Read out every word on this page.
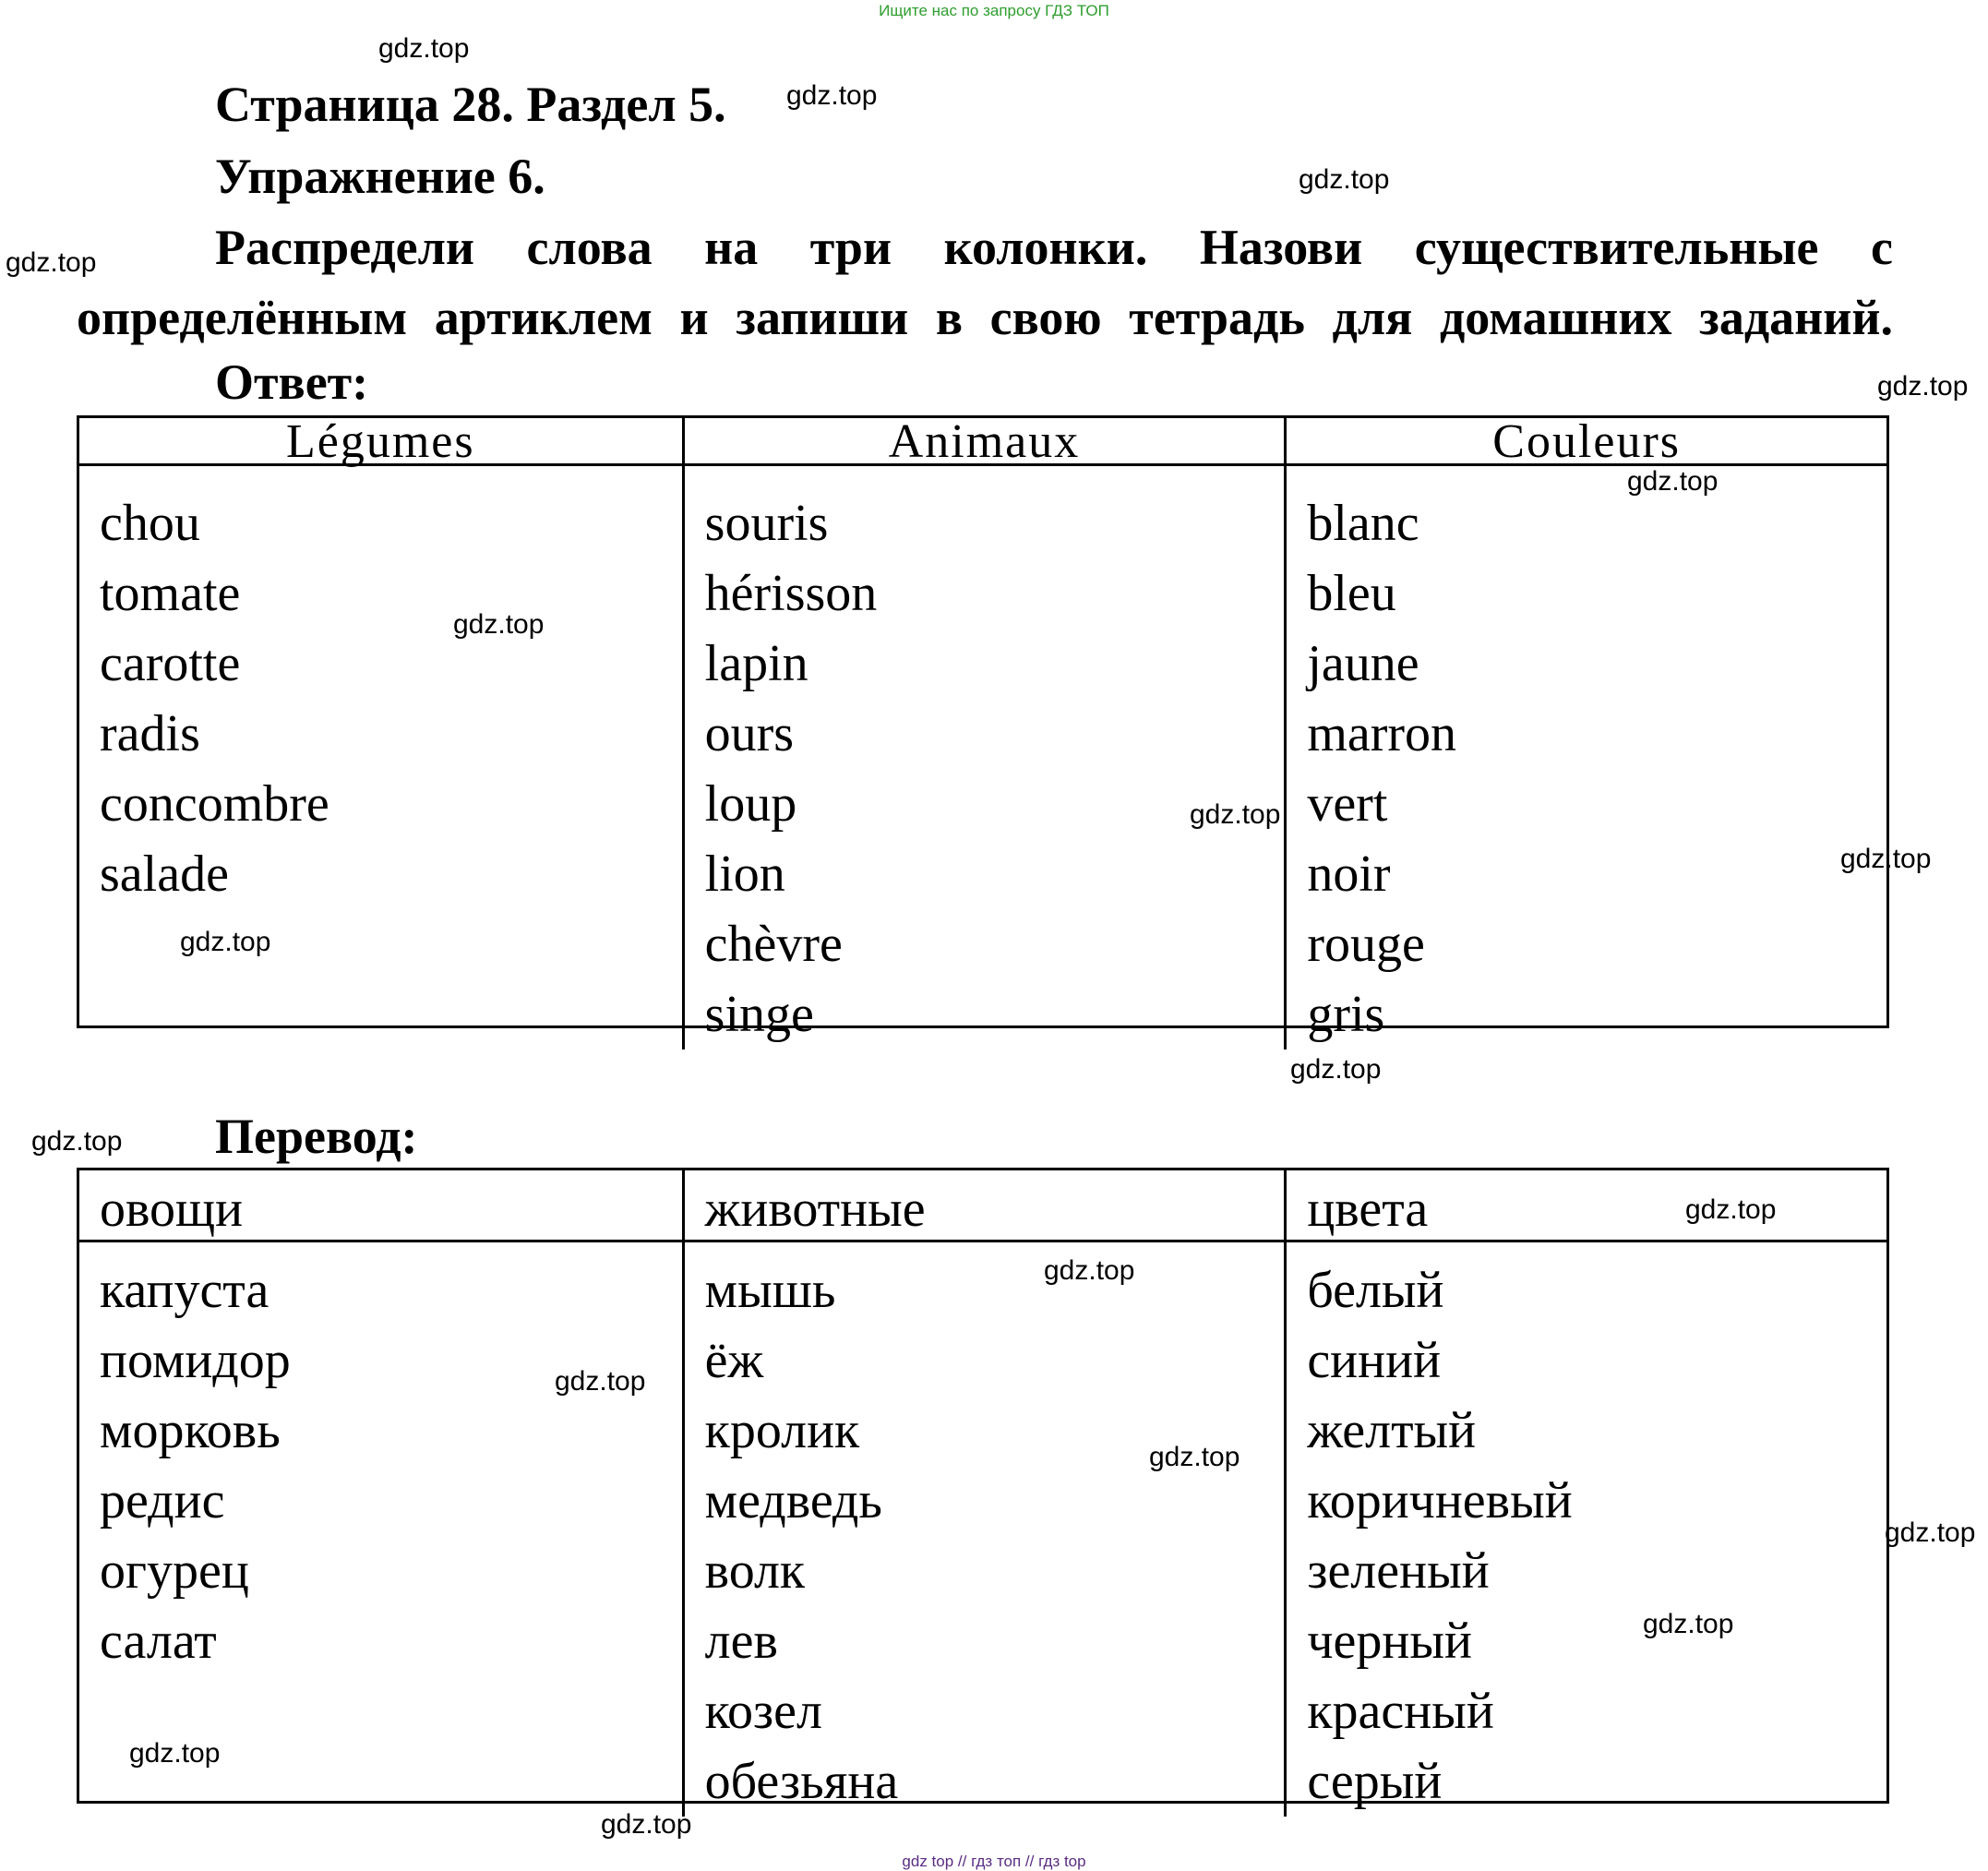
Ищите нас по запросу ГДЗ ТОП
Страница 28. Раздел 5.
Упражнение 6.
Распредели слова на три колонки. Назови существительные с
определённым артиклем и запиши в свою тетрадь для домашних заданий.
Ответ:
Légumes
chou
tomate
carotte
radis
concombre
salade
Animaux
souris
hérisson
lapin
ours
loup
lion
chèvre
singe
Couleurs
blanc
bleu
jaune
marron
vert
noir
rouge
gris
Перевод:
овощи
капуста
помидор
морковь
редис
огурец
салат
животные
мышь
ёж
кролик
медведь
волк
лев
козел
обезьяна
цвета
белый
синий
желтый
коричневый
зеленый
черный
красный
серый
gdz.top
gdz.top
gdz.top
gdz.top
gdz.top
gdz.top
gdz.top
gdz.top
gdz.top
gdz.top
gdz.top
gdz.top
gdz.top
gdz.top
gdz.top
gdz.top
gdz.top
gdz.top
gdz.top
gdz.top
gdz top // гдз топ // гдз top
